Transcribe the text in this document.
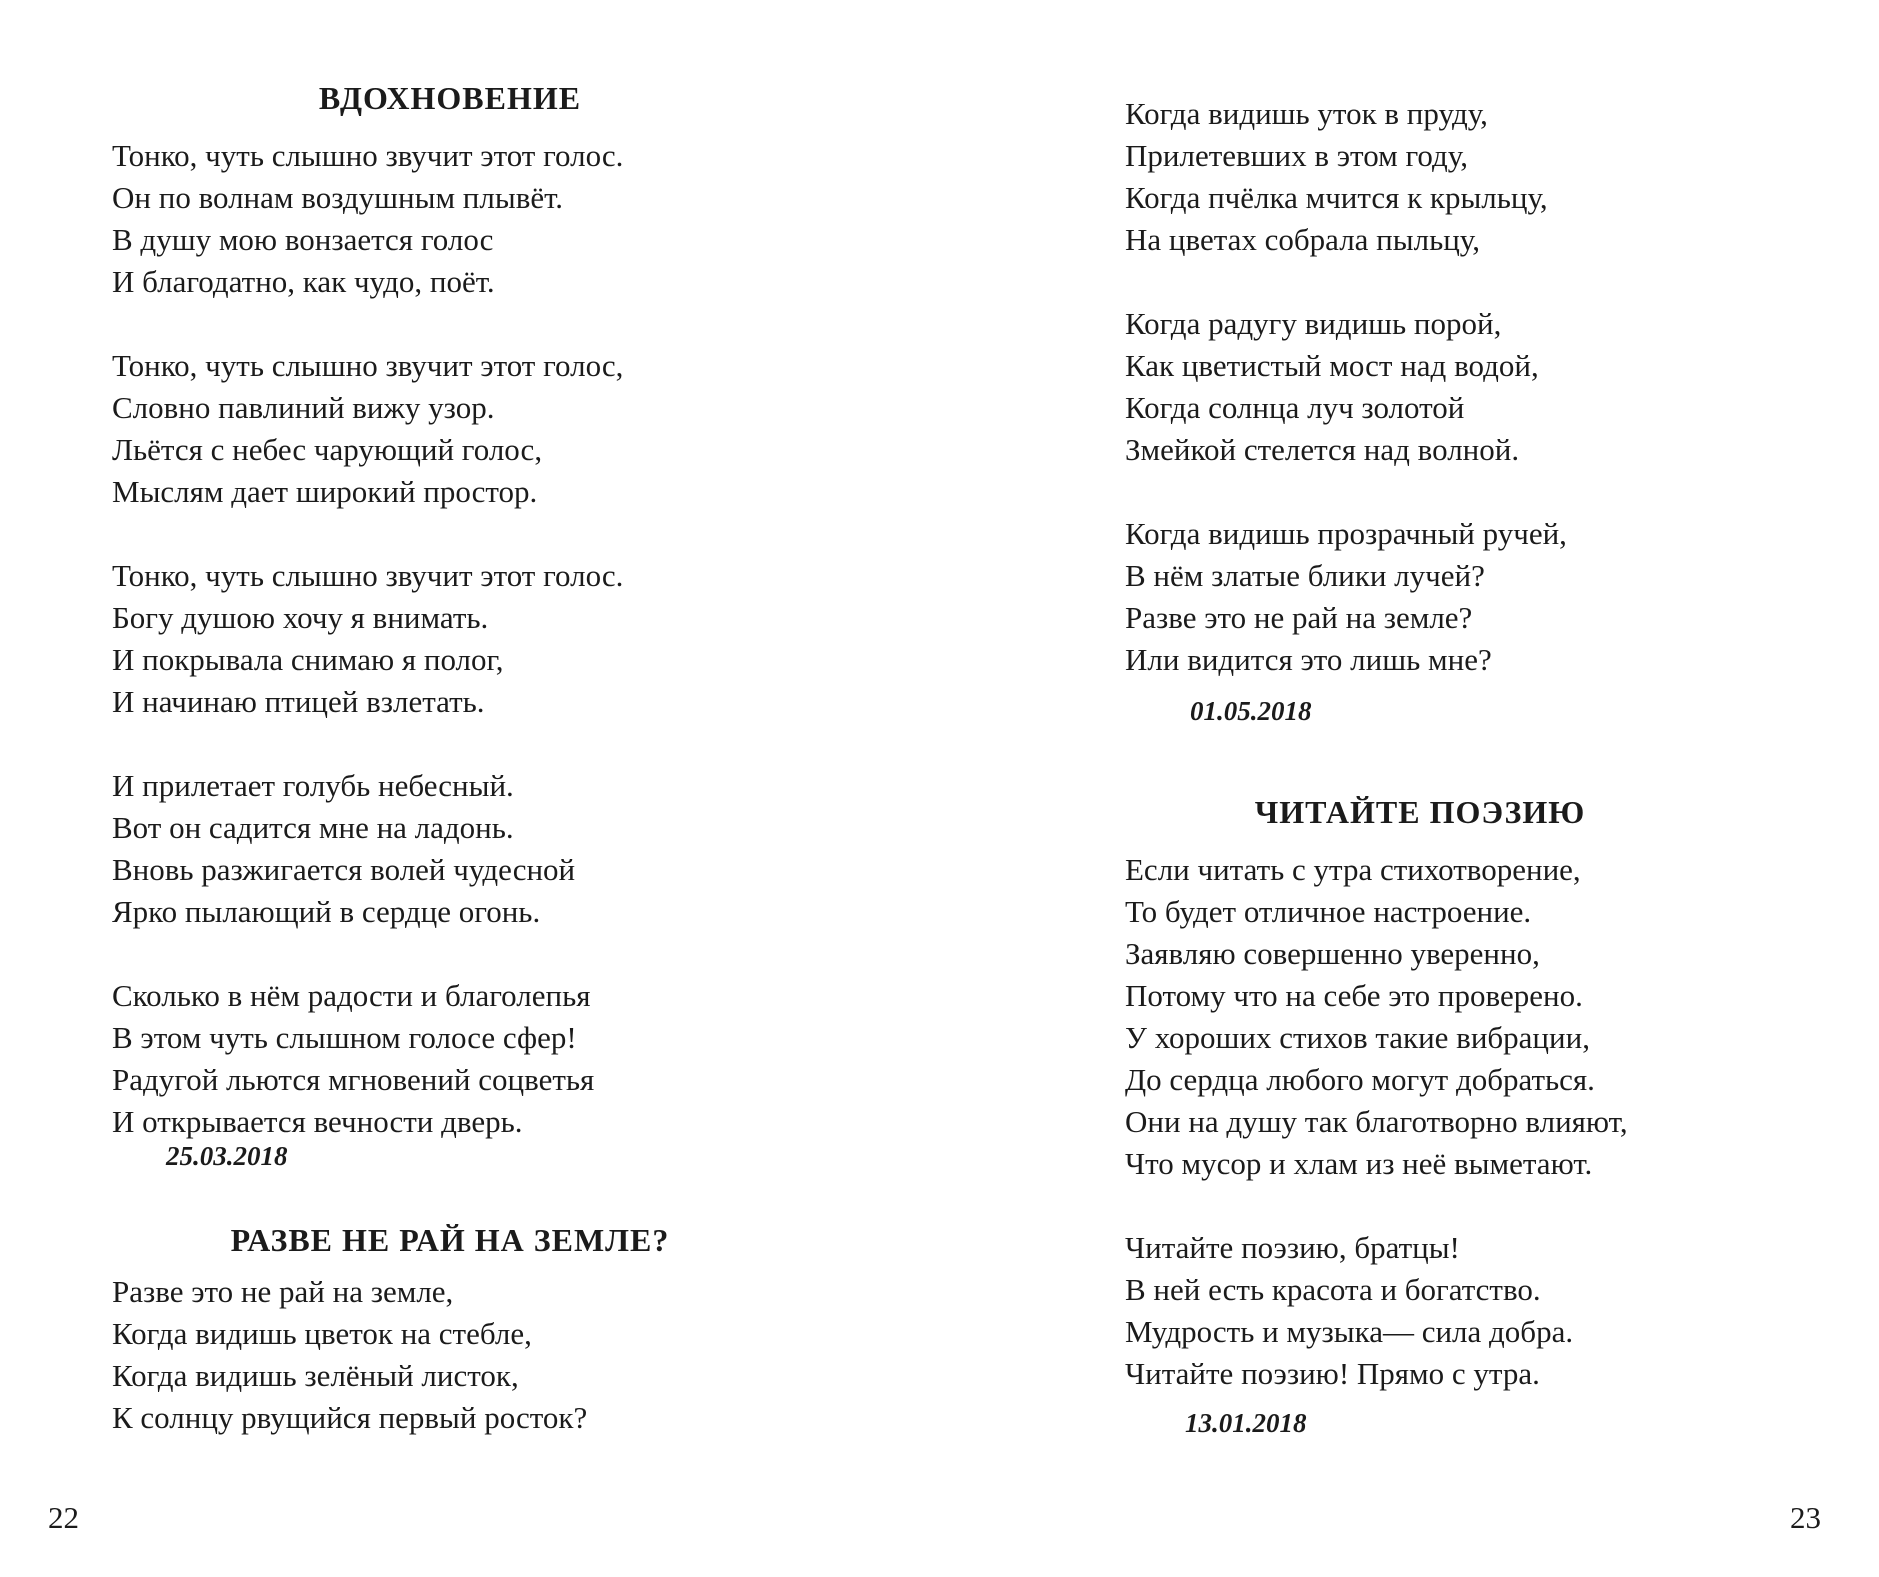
ВДОХНОВЕНИЕ
Тонко, чуть слышно звучит этот голос.
Он по волнам воздушным плывёт.
В душу мою вонзается голос
И благодатно, как чудо, поёт.
Тонко, чуть слышно звучит этот голос,
Словно павлиний вижу узор.
Льётся с небес чарующий голос,
Мыслям дает широкий простор.
Тонко, чуть слышно звучит этот голос.
Богу душою хочу я внимать.
И покрывала снимаю я полог,
И начинаю птицей взлетать.
И прилетает голубь небесный.
Вот он садится мне на ладонь.
Вновь разжигается волей чудесной
Ярко пылающий в сердце огонь.
Сколько в нём радости и благолепья
В этом чуть слышном голосе сфер!
Радугой льются мгновений соцветья
И открывается вечности дверь.
25.03.2018
РАЗВЕ НЕ РАЙ НА ЗЕМЛЕ?
Разве это не рай на земле,
Когда видишь цветок на стебле,
Когда видишь зелёный листок,
К солнцу рвущийся первый росток?
22
Когда видишь уток в пруду,
Прилетевших в этом году,
Когда пчёлка мчится к крыльцу,
На цветах собрала пыльцу,
Когда радугу видишь порой,
Как цветистый мост над водой,
Когда солнца луч золотой
Змейкой стелется над волной.
Когда видишь прозрачный ручей,
В нём златые блики лучей?
Разве это не рай на земле?
Или видится это лишь мне?
01.05.2018
ЧИТАЙТЕ ПОЭЗИЮ
Если читать с утра стихотворение,
То будет отличное настроение.
Заявляю совершенно уверенно,
Потому что на себе это проверено.
У хороших стихов такие вибрации,
До сердца любого могут добраться.
Они на душу так благотворно влияют,
Что мусор и хлам из неё выметают.
Читайте поэзию, братцы!
В ней есть красота и богатство.
Мудрость и музыка— сила добра.
Читайте поэзию! Прямо с утра.
13.01.2018
23
